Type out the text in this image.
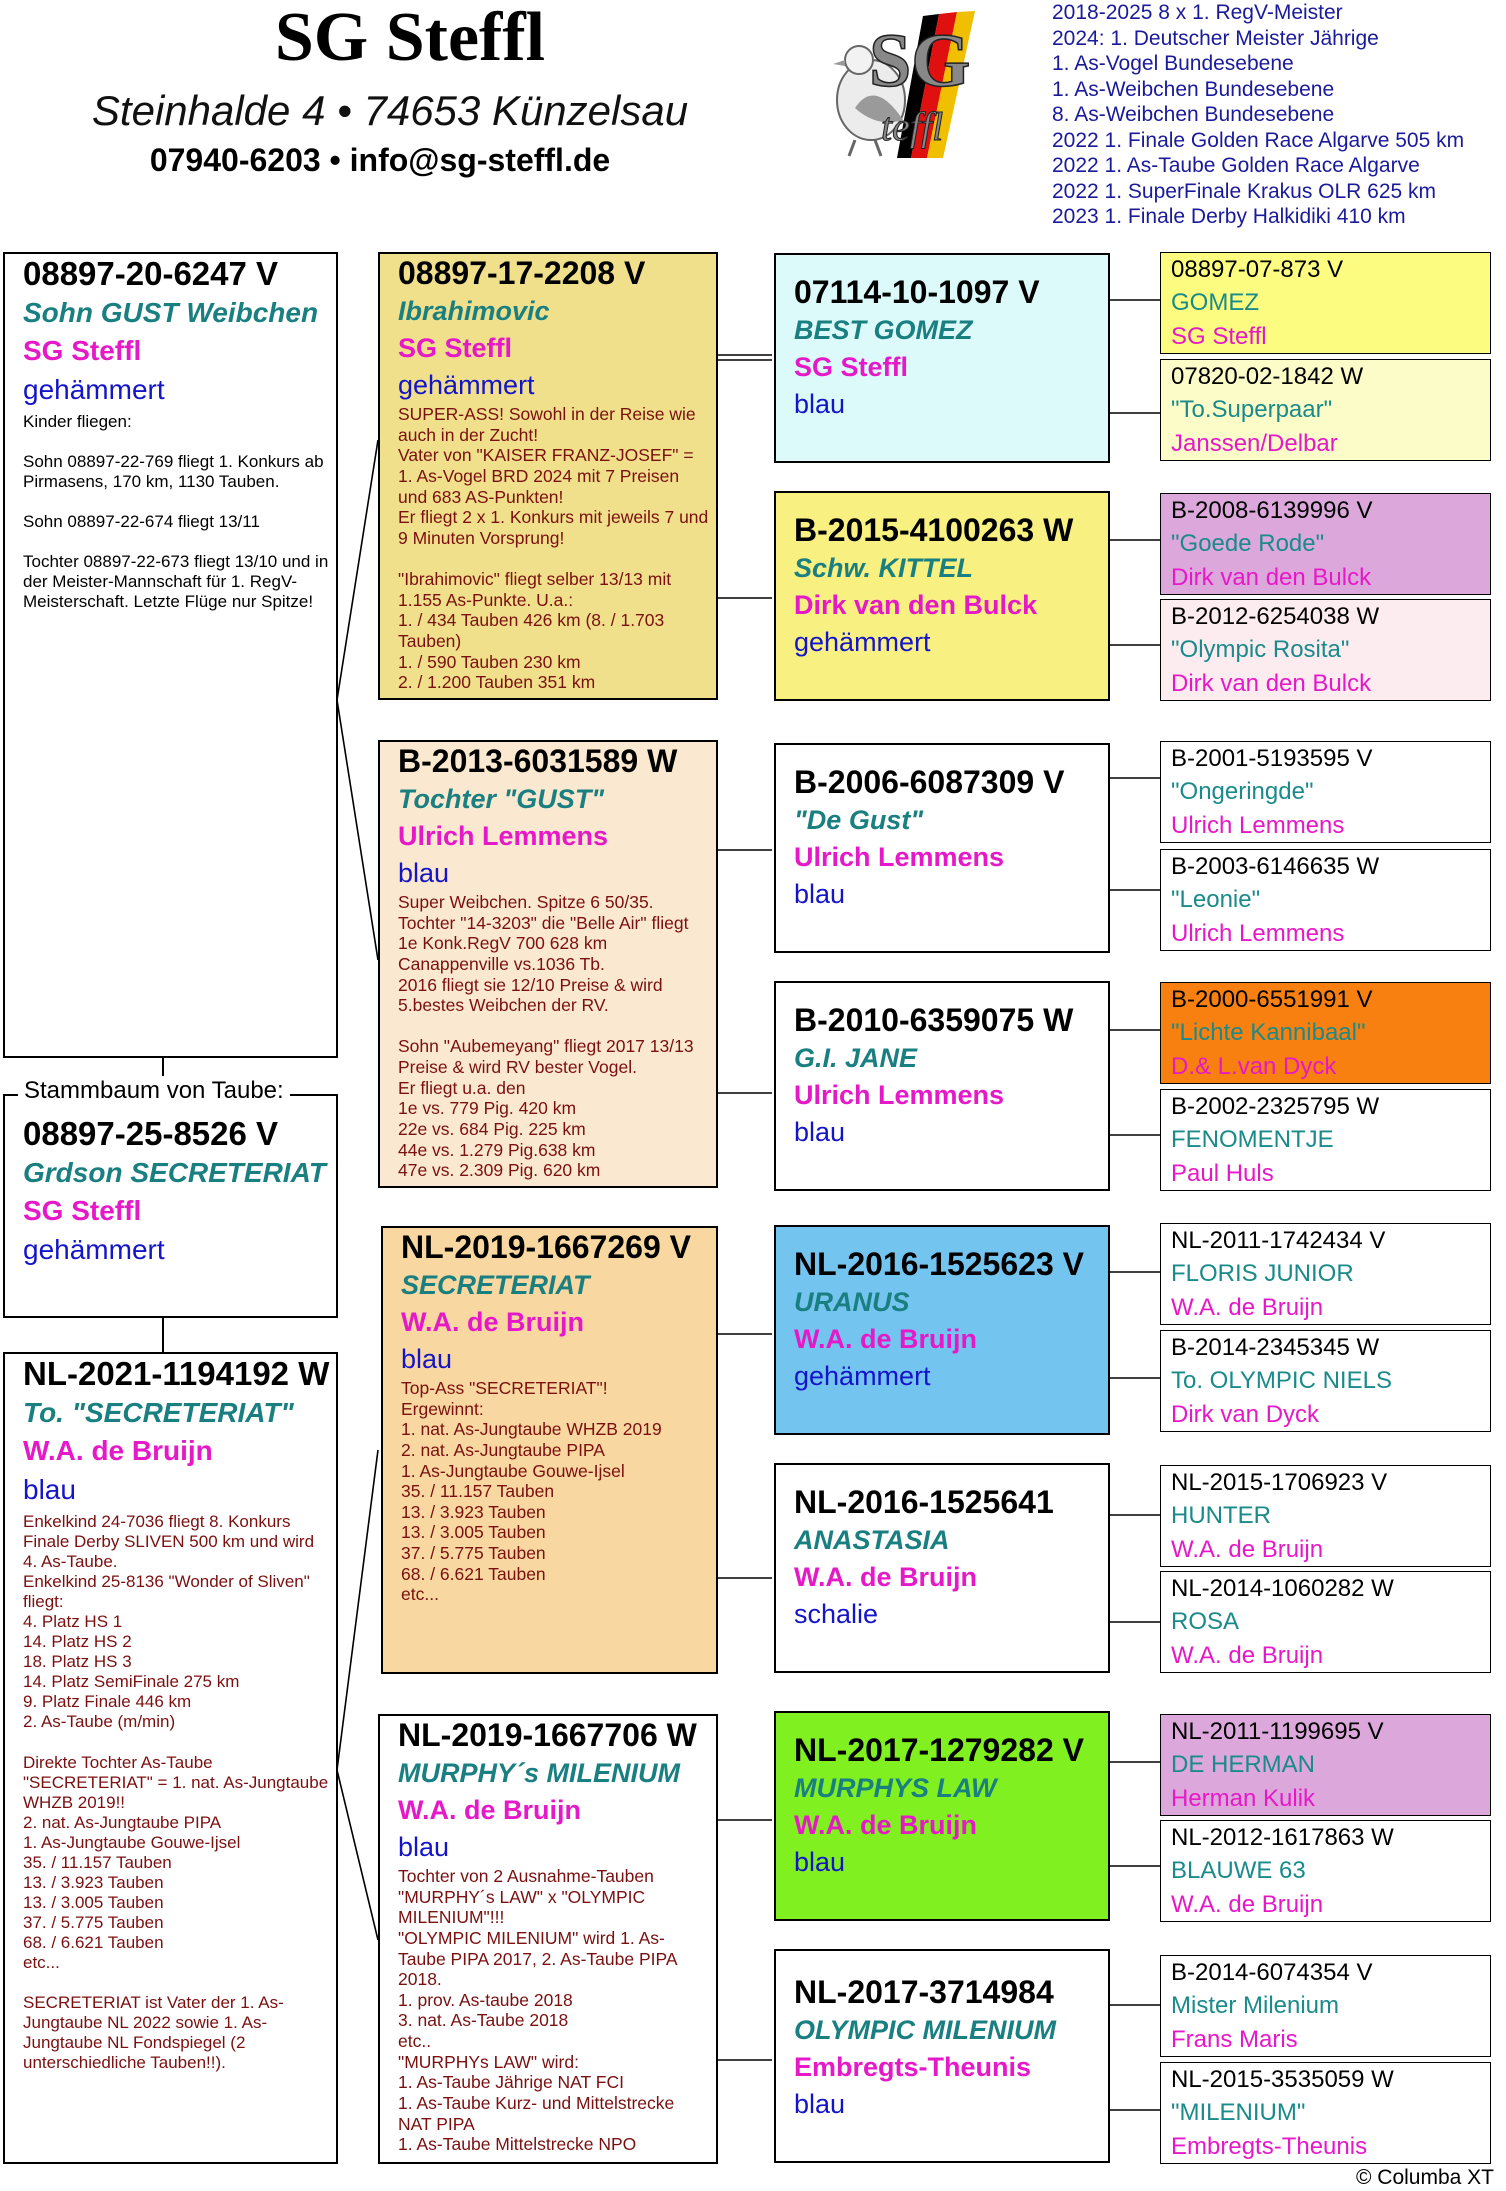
SG Steffl
Steinhalde 4 • 74653 Künzelsau
07940-6203 • info@sg-steffl.de
SG
teffl
2018-2025 8 x 1. RegV-Meister
2024: 1. Deutscher Meister Jährige
1. As-Vogel Bundesebene
1. As-Weibchen Bundesebene
8. As-Weibchen Bundesebene
2022 1. Finale Golden Race Algarve 505 km
2022 1. As-Taube Golden Race Algarve
2022 1. SuperFinale Krakus OLR 625 km
2023 1. Finale Derby Halkidiki 410 km
08897-20-6247 V
Sohn GUST Weibchen
SG Steffl
gehämmert
Kinder fliegen:

Sohn 08897-22-769 fliegt 1. Konkurs ab Pirmasens, 170 km, 1130 Tauben.

Sohn 08897-22-674 fliegt 13/11

Tochter 08897-22-673 fliegt 13/10 und in der Meister-Mannschaft für 1. RegV-Meisterschaft. Letzte Flüge nur Spitze!
08897-25-8526 V
Grdson SECRETERIAT
SG Steffl
gehämmert
Stammbaum von Taube:
NL-2021-1194192 W
To. "SECRETERIAT"
W.A. de Bruijn
blau
Enkelkind 24-7036 fliegt 8. Konkurs Finale Derby SLIVEN 500 km und wird 4. As-Taube.
Enkelkind 25-8136 "Wonder of Sliven" fliegt:
4. Platz HS 1
14. Platz HS 2
18. Platz HS 3
14. Platz SemiFinale 275 km
9. Platz Finale 446 km
2. As-Taube (m/min)

Direkte Tochter As-Taube "SECRETERIAT" = 1. nat. As-Jungtaube WHZB 2019!!
2. nat. As-Jungtaube PIPA
1. As-Jungtaube Gouwe-Ijsel
35. / 11.157 Tauben
13. / 3.923 Tauben
13. / 3.005 Tauben
37. / 5.775 Tauben
68. / 6.621 Tauben
etc...

SECRETERIAT ist Vater der 1. As-Jungtaube NL 2022 sowie 1. As-Jungtaube NL Fondspiegel (2 unterschiedliche Tauben!!).
08897-17-2208 V
Ibrahimovic
SG Steffl
gehämmert
SUPER-ASS! Sowohl in der Reise wie auch in der Zucht!
Vater von "KAISER FRANZ-JOSEF" = 1. As-Vogel BRD 2024 mit 7 Preisen und 683 AS-Punkten!
Er fliegt 2 x 1. Konkurs mit jeweils 7 und 9 Minuten Vorsprung!

"Ibrahimovic" fliegt selber 13/13 mit 1.155 As-Punkte. U.a.:
1. / 434 Tauben 426 km (8. / 1.703 Tauben)
1. / 590 Tauben 230 km
2. / 1.200 Tauben 351 km
B-2013-6031589 W
Tochter "GUST"
Ulrich Lemmens
blau
Super Weibchen. Spitze 6 50/35.
Tochter "14-3203" die "Belle Air" fliegt 1e Konk.RegV 700 628 km Canappenville vs.1036 Tb.
2016 fliegt sie 12/10 Preise & wird 5.bestes Weibchen der RV.

Sohn "Aubemeyang" fliegt 2017 13/13 Preise & wird RV bester Vogel.
Er fliegt u.a. den
1e vs. 779 Pig. 420 km
22e vs. 684 Pig. 225 km
44e vs. 1.279 Pig.638 km
47e vs. 2.309 Pig. 620 km
NL-2019-1667269 V
SECRETERIAT
W.A. de Bruijn
blau
Top-Ass "SECRETERIAT"!
Ergewinnt:
1. nat. As-Jungtaube WHZB 2019
2. nat. As-Jungtaube PIPA
1. As-Jungtaube Gouwe-Ijsel
35. / 11.157 Tauben
13. / 3.923 Tauben
13. / 3.005 Tauben
37. / 5.775 Tauben
68. / 6.621 Tauben
etc...
NL-2019-1667706 W
MURPHY´s MILENIUM
W.A. de Bruijn
blau
Tochter von 2 Ausnahme-Tauben "MURPHY´s LAW" x "OLYMPIC MILENIUM"!!!
"OLYMPIC MILENIUM" wird 1. As-Taube PIPA 2017, 2. As-Taube PIPA 2018.
1. prov. As-taube 2018
3. nat. As-Taube 2018
etc..
"MURPHYs LAW" wird:
1. As-Taube Jährige NAT FCI
1. As-Taube Kurz- und Mittelstrecke NAT PIPA
1. As-Taube Mittelstrecke NPO
07114-10-1097 V
BEST GOMEZ
SG Steffl
blau
B-2015-4100263 W
Schw. KITTEL
Dirk van den Bulck
gehämmert
B-2006-6087309 V
"De Gust"
Ulrich Lemmens
blau
B-2010-6359075 W
G.I. JANE
Ulrich Lemmens
blau
NL-2016-1525623 V
URANUS
W.A. de Bruijn
gehämmert
NL-2016-1525641
ANASTASIA
W.A. de Bruijn
schalie
NL-2017-1279282 V
MURPHYS LAW
W.A. de Bruijn
blau
NL-2017-3714984
OLYMPIC MILENIUM
Embregts-Theunis
blau
08897-07-873 V
GOMEZ
SG Steffl
07820-02-1842 W
"To.Superpaar"
Janssen/Delbar
B-2008-6139996 V
"Goede Rode"
Dirk van den Bulck
B-2012-6254038 W
"Olympic Rosita"
Dirk van den Bulck
B-2001-5193595 V
"Ongeringde"
Ulrich Lemmens
B-2003-6146635 W
"Leonie"
Ulrich Lemmens
B-2000-6551991 V
"Lichte Kannibaal"
D.& L.van Dyck
B-2002-2325795 W
FENOMENTJE
Paul Huls
NL-2011-1742434 V
FLORIS JUNIOR
W.A. de Bruijn
B-2014-2345345 W
To. OLYMPIC NIELS
Dirk van Dyck
NL-2015-1706923 V
HUNTER
W.A. de Bruijn
NL-2014-1060282 W
ROSA
W.A. de Bruijn
NL-2011-1199695 V
DE HERMAN
Herman Kulik
NL-2012-1617863 W
BLAUWE 63
W.A. de Bruijn
B-2014-6074354 V
Mister Milenium
Frans Maris
NL-2015-3535059 W
"MILENIUM"
Embregts-Theunis
© Columba XT
